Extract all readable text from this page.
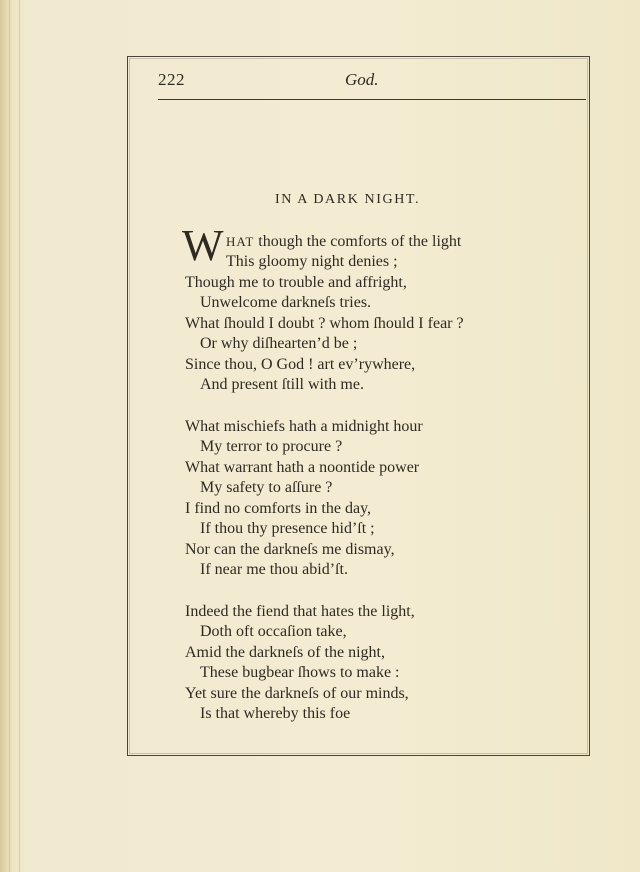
222	God.
IN A DARK NIGHT.
W HAT though the comforts of the light
This gloomy night denies ;
Though me to trouble and affright,
Unwelcome darkneſs tries.
What ſhould I doubt ? whom ſhould I fear ?
Or why diſhearten’d be ;
Since thou, O God ! art ev’rywhere,
And present ſtill with me.
What mischiefs hath a midnight hour
My terror to procure ?
What warrant hath a noontide power
My safety to aſſure ?
I find no comforts in the day,
If thou thy presence hid’ſt ;
Nor can the darkneſs me dismay,
If near me thou abid’ſt.
Indeed the fiend that hates the light,
Doth oft occaſion take,
Amid the darkneſs of the night,
These bugbear ſhows to make :
Yet sure the darkneſs of our minds,
Is that whereby this foe
